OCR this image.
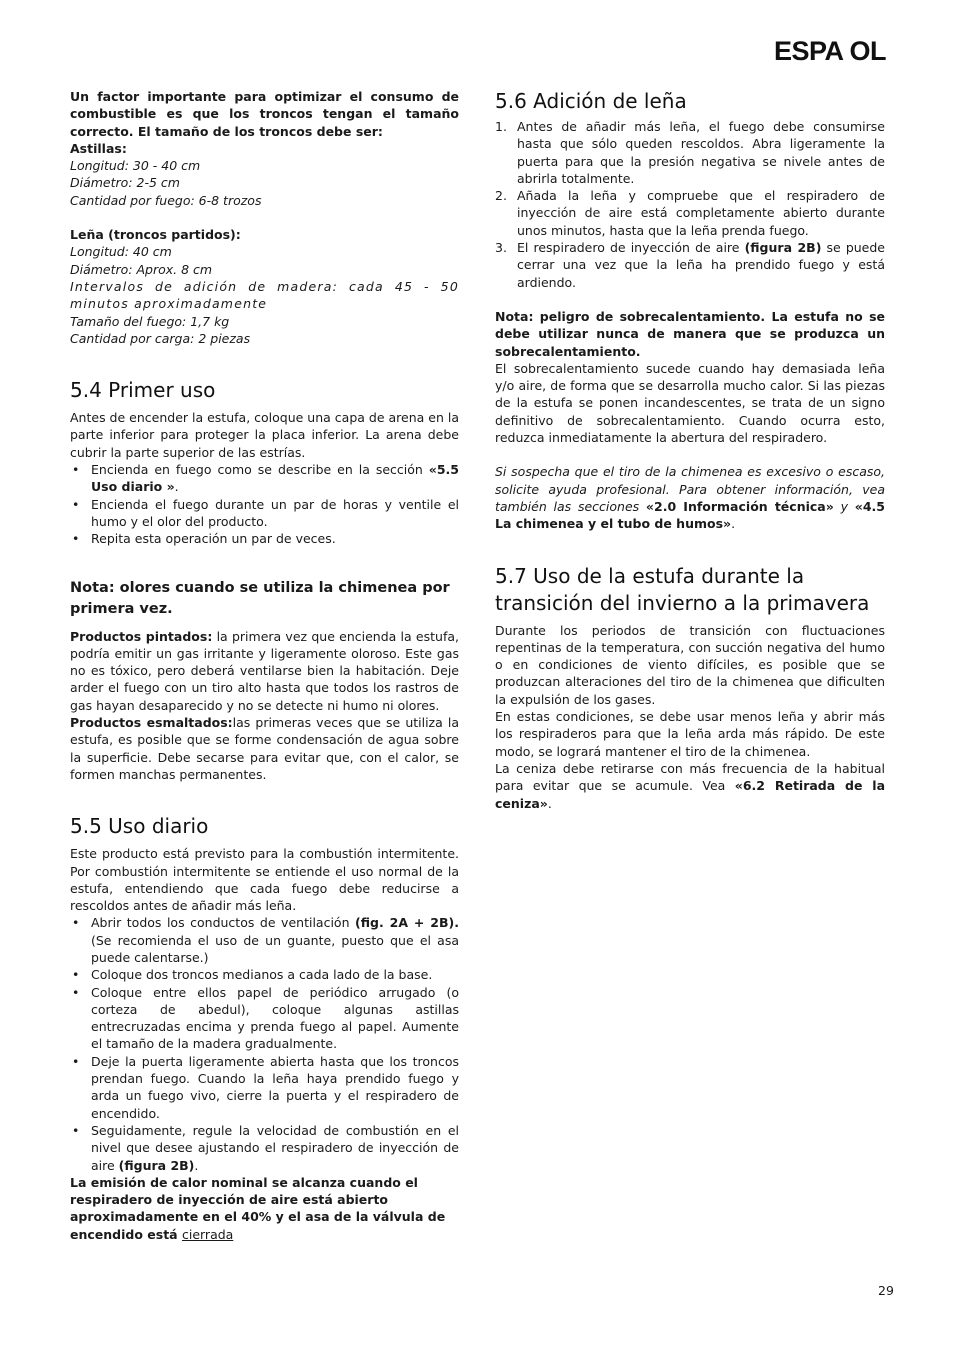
ESPA OL

Un factor importante para optimizar el consumo de combustible es que los troncos tengan el tamaño correcto. El tamaño de los troncos debe ser:

Astillas:

Longitud: 30 - 40 cm

Diámetro: 2-5 cm

Cantidad por fuego: 6-8 trozos

Leña (troncos partidos):

Longitud: 40 cm

Diámetro: Aprox. 8 cm

Intervalos de adición de madera: cada 45 - 50 minutos aproximadamente

Tamaño del fuego: 1,7 kg

Cantidad por carga: 2 piezas

5.4 Primer uso

Antes de encender la estufa, coloque una capa de arena en la parte inferior para proteger la placa inferior. La arena debe cubrir la parte superior de las estrías.

• Encienda en fuego como se describe en la sección «5.5 Uso diario ».
• Encienda el fuego durante un par de horas y ventile el humo y el olor del producto.
• Repita esta operación un par de veces.
Nota: olores cuando se utiliza la chimenea por primera vez.

Productos pintados: la primera vez que encienda la estufa, podría emitir un gas irritante y ligeramente oloroso. Este gas no es tóxico, pero deberá ventilarse bien la habitación. Deje arder el fuego con un tiro alto hasta que todos los rastros de gas hayan desaparecido y no se detecte ni humo ni olores.

Productos esmaltados:las primeras veces que se utiliza la estufa, es posible que se forme condensación de agua sobre la superficie. Debe secarse para evitar que, con el calor, se formen manchas permanentes.

5.5 Uso diario

Este producto está previsto para la combustión intermitente. Por combustión intermitente se entiende el uso normal de la estufa, entendiendo que cada fuego debe reducirse a rescoldos antes de añadir más leña.

• Abrir todos los conductos de ventilación (fig. 2A + 2B). (Se recomienda el uso de un guante, puesto que el asa puede calentarse.)
• Coloque dos troncos medianos a cada lado de la base.
• Coloque entre ellos papel de periódico arrugado (o corteza de abedul), coloque algunas astillas entrecruzadas encima y prenda fuego al papel. Aumente el tamaño de la madera gradualmente.
• Deje la puerta ligeramente abierta hasta que los troncos prendan fuego. Cuando la leña haya prendido fuego y arda un fuego vivo, cierre la puerta y el respiradero de encendido.
• Seguidamente, regule la velocidad de combustión en el nivel que desee ajustando el respiradero de inyección de aire (figura 2B).

La emisión de calor nominal se alcanza cuando el respiradero de inyección de aire está abierto aproximadamente en el 40% y el asa de la válvula de encendido está cierrada

5.6 Adición de leña
1. Antes de añadir más leña, el fuego debe consumirse hasta que sólo queden rescoldos. Abra ligeramente la puerta para que la presión negativa se nivele antes de abrirla totalmente.
2. Añada la leña y compruebe que el respiradero de inyección de aire está completamente abierto durante unos minutos, hasta que la leña prenda fuego.
3. El respiradero de inyección de aire (figura 2B) se puede cerrar una vez que la leña ha prendido fuego y está ardiendo.

Nota: peligro de sobrecalentamiento. La estufa no se debe utilizar nunca de manera que se produzca un sobrecalentamiento.

El sobrecalentamiento sucede cuando hay demasiada leña y/o aire, de forma que se desarrolla mucho calor. Si las piezas de la estufa se ponen incandescentes, se trata de un signo definitivo de sobrecalentamiento. Cuando ocurra esto, reduzca inmediatamente la abertura del respiradero.

Si sospecha que el tiro de la chimenea es excesivo o escaso, solicite ayuda profesional. Para obtener información, vea también las secciones «2.0 Información técnica» y «4.5 La chimenea y el tubo de humos».

5.7 Uso de la estufa durante la transición del invierno a la primavera

Durante los periodos de transición con fluctuaciones repentinas de la temperatura, con succión negativa del humo o en condiciones de viento difíciles, es posible que se produzcan alteraciones del tiro de la chimenea que dificulten la expulsión de los gases.

En estas condiciones, se debe usar menos leña y abrir más los respiraderos para que la leña arda más rápido. De este modo, se logrará mantener el tiro de la chimenea.

La ceniza debe retirarse con más frecuencia de la habitual para evitar que se acumule. Vea «6.2 Retirada de la ceniza».

29
